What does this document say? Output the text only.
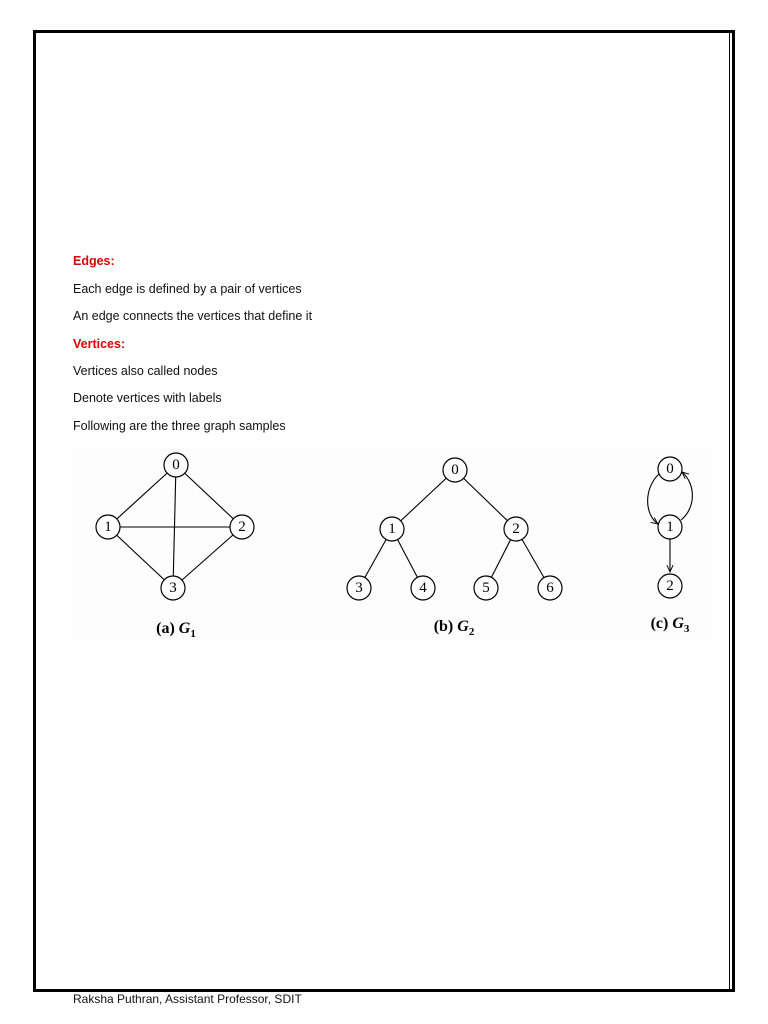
Edges:
Each edge is defined by a pair of vertices
An edge connects the vertices that define it
Vertices:
Vertices also called nodes
Denote vertices with labels
Following are the three graph samples
0
1	2
3
(a) $G_1$
0
1	2
3	4	5	6
(b) $G_2$
0
1
2
(c) $G_3$
Raksha Puthran, Assistant Professor, SDIT
